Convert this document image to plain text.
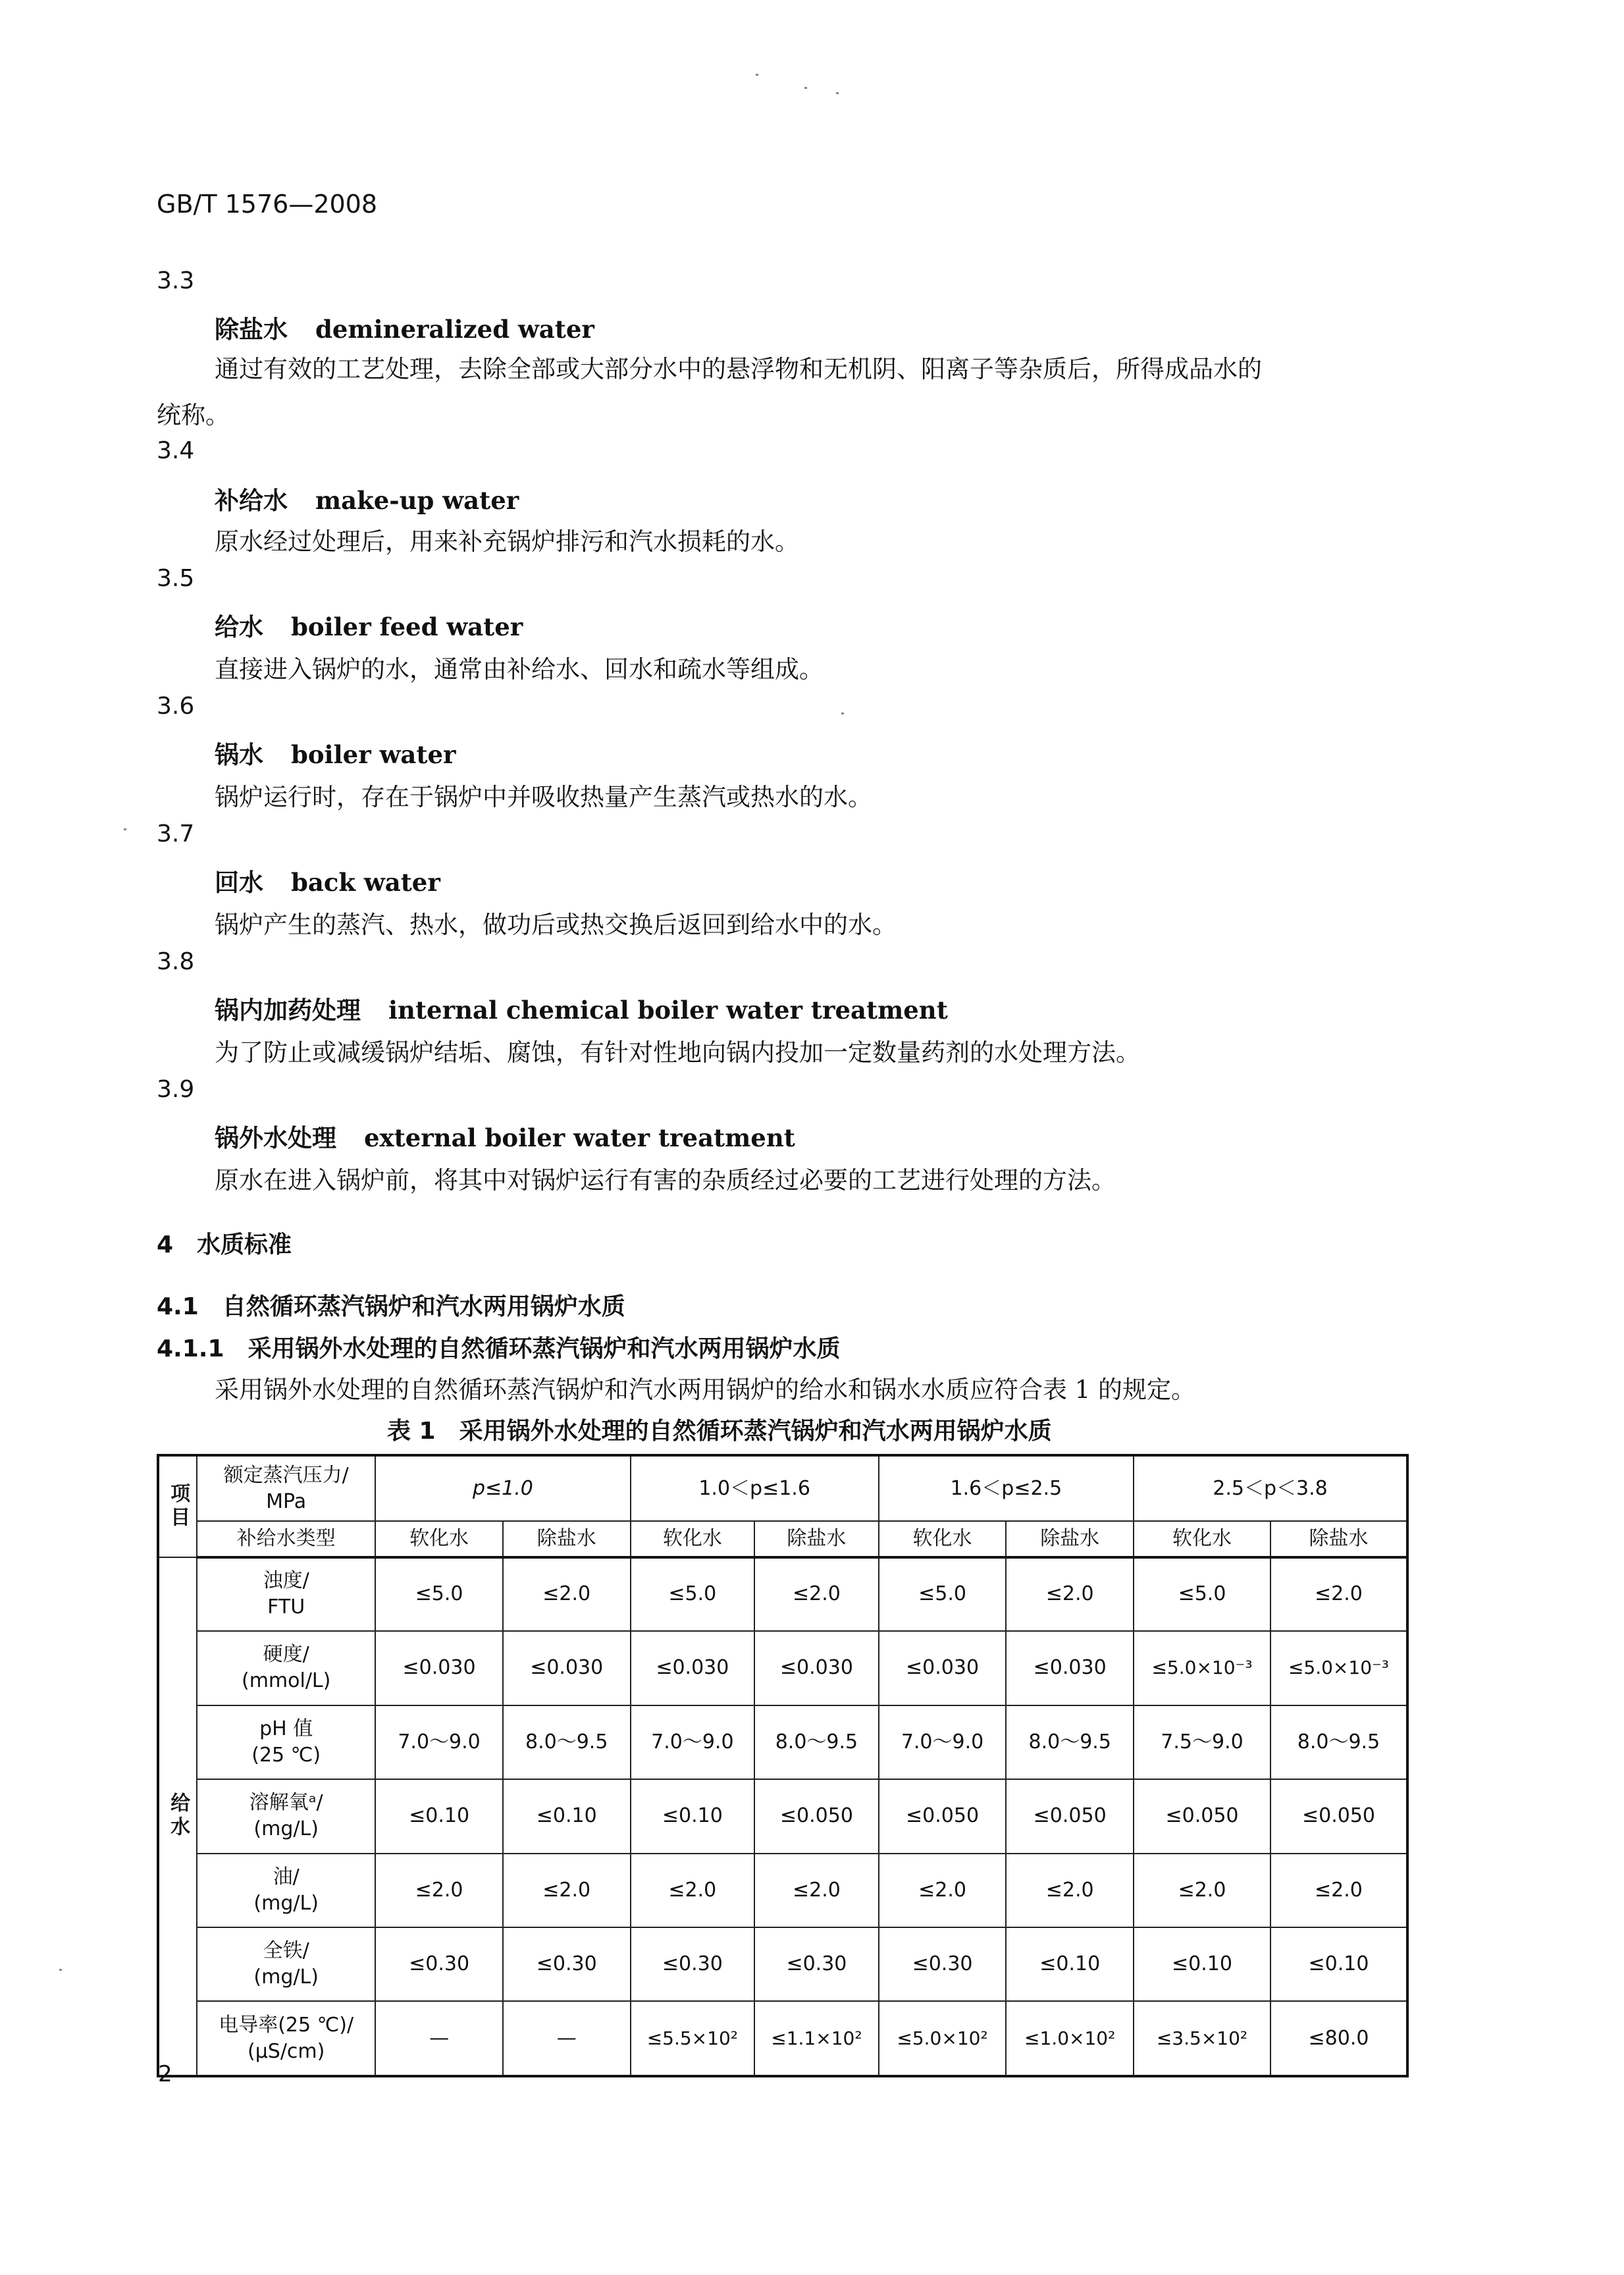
GB/T 1576—2008
3.3
除盐水 demineralized water
通过有效的工艺处理，去除全部或大部分水中的悬浮物和无机阴、阳离子等杂质后，所得成品水的
统称。
3.4
补给水 make-up water
原水经过处理后，用来补充锅炉排污和汽水损耗的水。
3.5
给水 boiler feed water
直接进入锅炉的水，通常由补给水、回水和疏水等组成。
3.6
锅水 boiler water
锅炉运行时，存在于锅炉中并吸收热量产生蒸汽或热水的水。
3.7
回水 back water
锅炉产生的蒸汽、热水，做功后或热交换后返回到给水中的水。
3.8
锅内加药处理 internal chemical boiler water treatment
为了防止或减缓锅炉结垢、腐蚀，有针对性地向锅内投加一定数量药剂的水处理方法。
3.9
锅外水处理 external boiler water treatment
原水在进入锅炉前，将其中对锅炉运行有害的杂质经过必要的工艺进行处理的方法。
4　水质标准
4.1　自然循环蒸汽锅炉和汽水两用锅炉水质
4.1.1　采用锅外水处理的自然循环蒸汽锅炉和汽水两用锅炉水质
采用锅外水处理的自然循环蒸汽锅炉和汽水两用锅炉的给水和锅水水质应符合表 1 的规定。
表 1　采用锅外水处理的自然循环蒸汽锅炉和汽水两用锅炉水质
项目	额定蒸汽压力/
MPa	p≤1.0		1.0＜p≤1.6		1.6＜p≤2.5		2.5＜p＜3.8	
	补给水类型	软化水	除盐水	软化水	除盐水	软化水	除盐水	软化水	除盐水
给水	浊度/
FTU	≤5.0	≤2.0	≤5.0	≤2.0	≤5.0	≤2.0	≤5.0	≤2.0

	硬度/
(mmol/L)	≤0.030	≤0.030	≤0.030	≤0.030	≤0.030	≤0.030	≤5.0×10⁻³	≤5.0×10⁻³

	pH 值
(25 ℃)	7.0～9.0	8.0～9.5	7.0～9.0	8.0～9.5	7.0～9.0	8.0～9.5	7.5～9.0	8.0～9.5

	溶解氧ᵃ/
(mg/L)	≤0.10	≤0.10	≤0.10	≤0.050	≤0.050	≤0.050	≤0.050	≤0.050

	油/
(mg/L)	≤2.0	≤2.0	≤2.0	≤2.0	≤2.0	≤2.0	≤2.0	≤2.0

	全铁/
(mg/L)	≤0.30	≤0.30	≤0.30	≤0.30	≤0.30	≤0.10	≤0.10	≤0.10

	电导率(25 ℃)/
(μS/cm)	—	—	≤5.5×10²	≤1.1×10²	≤5.0×10²	≤1.0×10²	≤3.5×10²	≤80.0
2
